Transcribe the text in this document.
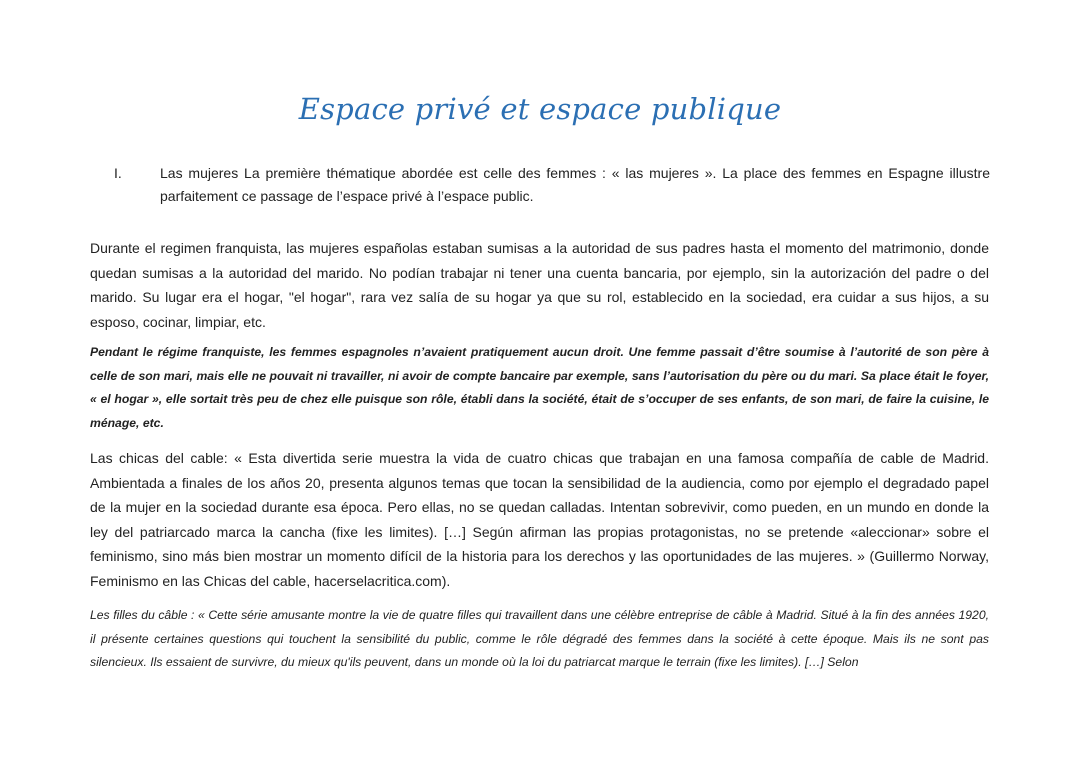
Espace privé et espace publique
I.	Las mujeres La première thématique abordée est celle des femmes : « las mujeres ». La place des femmes en Espagne illustre parfaitement ce passage de l’espace privé à l’espace public.

Durante el regimen franquista, las mujeres españolas estaban sumisas a la autoridad de sus padres hasta el momento del matrimonio, donde quedan sumisas a la autoridad del marido. No podían trabajar ni tener una cuenta bancaria, por ejemplo, sin la autorización del padre o del marido. Su lugar era el hogar, "el hogar", rara vez salía de su hogar ya que su rol, establecido en la sociedad, era cuidar a sus hijos, a su esposo, cocinar, limpiar, etc.

Pendant le régime franquiste, les femmes espagnoles n’avaient pratiquement aucun droit. Une femme passait d’être soumise à l’autorité de son père à celle de son mari, mais elle ne pouvait ni travailler, ni avoir de compte bancaire par exemple, sans l’autorisation du père ou du mari. Sa place était le foyer, « el hogar », elle sortait très peu de chez elle puisque son rôle, établi dans la société, était de s’occuper de ses enfants, de son mari, de faire la cuisine, le ménage, etc.

Las chicas del cable: « Esta divertida serie muestra la vida de cuatro chicas que trabajan en una famosa compañía de cable de Madrid. Ambientada a finales de los años 20, presenta algunos temas que tocan la sensibilidad de la audiencia, como por ejemplo el degradado papel de la mujer en la sociedad durante esa época. Pero ellas, no se quedan calladas. Intentan sobrevivir, como pueden, en un mundo en donde la ley del patriarcado marca la cancha (fixe les limites). […] Según afirman las propias protagonistas, no se pretende «aleccionar» sobre el feminismo, sino más bien mostrar un momento difícil de la historia para los derechos y las oportunidades de las mujeres. » (Guillermo Norway, Feminismo en las Chicas del cable, hacerselacritica.com).

Les filles du câble : « Cette série amusante montre la vie de quatre filles qui travaillent dans une célèbre entreprise de câble à Madrid. Situé à la fin des années 1920, il présente certaines questions qui touchent la sensibilité du public, comme le rôle dégradé des femmes dans la société à cette époque. Mais ils ne sont pas silencieux. Ils essaient de survivre, du mieux qu'ils peuvent, dans un monde où la loi du patriarcat marque le terrain (fixe les limites). […] Selon
